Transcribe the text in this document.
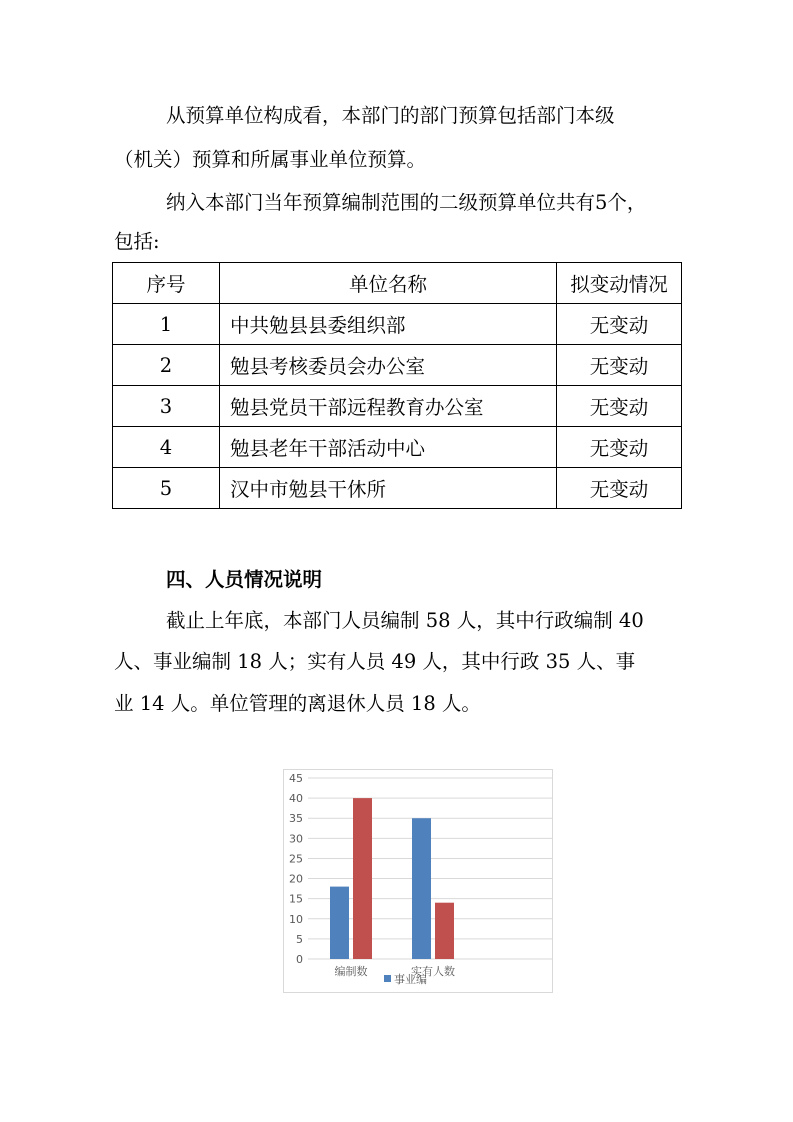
从预算单位构成看，本部门的部门预算包括部门本级

（机关）预算和所属事业单位预算。

纳入本部门当年预算编制范围的二级预算单位共有5个，

包括:

序号	单位名称	拟变动情况
1	中共勉县县委组织部	无变动
2	勉县考核委员会办公室	无变动
3	勉县党员干部远程教育办公室	无变动
4	勉县老年干部活动中心	无变动
5	汉中市勉县干休所	无变动
四、人员情况说明

截止上年底，本部门人员编制 58 人，其中行政编制 40

人、事业编制 18 人；实有人员 49 人，其中行政 35 人、事

业 14 人。单位管理的离退休人员 18 人。

0
5
10
15
20
25
30
35
40
45
编制数	实有人数
事业编
